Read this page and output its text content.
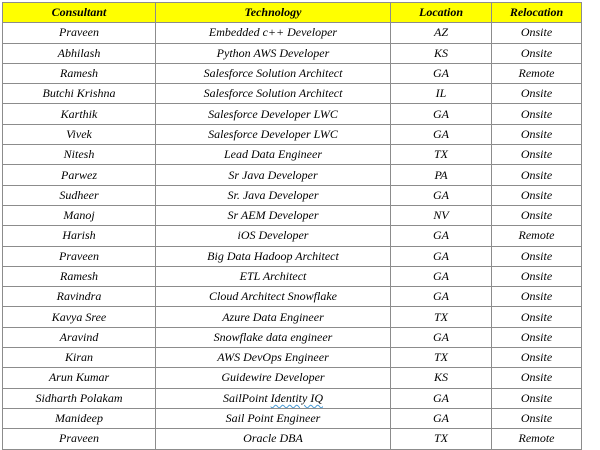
Consultant	Technology	Location	Relocation
Praveen	Embedded c++ Developer	AZ	Onsite
Abhilash	Python AWS Developer	KS	Onsite
Ramesh	Salesforce Solution Architect	GA	Remote
Butchi Krishna	Salesforce Solution Architect	IL	Onsite
Karthik	Salesforce Developer LWC	GA	Onsite
Vivek	Salesforce Developer LWC	GA	Onsite
Nitesh	Lead Data Engineer	TX	Onsite
Parwez	Sr Java Developer	PA	Onsite
Sudheer	Sr. Java Developer	GA	Onsite
Manoj	Sr AEM Developer	NV	Onsite
Harish	iOS Developer	GA	Remote
Praveen	Big Data Hadoop Architect	GA	Onsite
Ramesh	ETL Architect	GA	Onsite
Ravindra	Cloud Architect Snowflake	GA	Onsite
Kavya Sree	Azure Data Engineer	TX	Onsite
Aravind	Snowflake data engineer	GA	Onsite
Kiran	AWS DevOps Engineer	TX	Onsite
Arun Kumar	Guidewire Developer	KS	Onsite
Sidharth Polakam	SailPoint Identity IQ	GA	Onsite
Manideep	Sail Point Engineer	GA	Onsite
Praveen	Oracle DBA	TX	Remote
